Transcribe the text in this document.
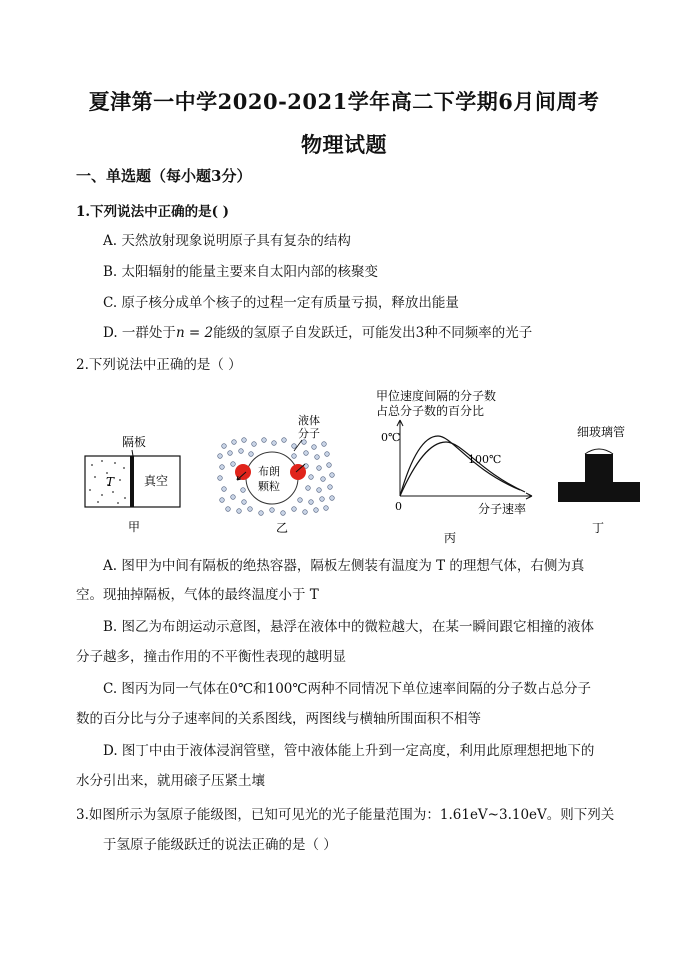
夏津第一中学2020-2021学年高二下学期6月间周考
物理试题
一、单选题（每小题3分）
1.下列说法中正确的是( )
A. 天然放射现象说明原子具有复杂的结构
B. 太阳辐射的能量主要来自太阳内部的核聚变
C. 原子核分成单个核子的过程一定有质量亏损，释放出能量
D. 一群处于n = 2能级的氢原子自发跃迁，可能发出3种不同频率的光子
2.下列说法中正确的是（ ）
隔板
T 真空
甲
液体
分子
布朗
颗粒
乙
甲位速度间隔的分子数
占总分子数的百分比
0℃
100℃
0	分子速率
丙
细玻璃管
丁
A. 图甲为中间有隔板的绝热容器，隔板左侧装有温度为 T 的理想气体，右侧为真
空。现抽掉隔板，气体的最终温度小于 T
B. 图乙为布朗运动示意图，悬浮在液体中的微粒越大，在某一瞬间跟它相撞的液体
分子越多，撞击作用的不平衡性表现的越明显
C. 图丙为同一气体在0℃和100℃两种不同情况下单位速率间隔的分子数占总分子
数的百分比与分子速率间的关系图线，两图线与横轴所围面积不相等
D. 图丁中由于液体浸润管壁，管中液体能上升到一定高度，利用此原理想把地下的
水分引出来，就用磙子压紧土壤
3.如图所示为氢原子能级图，已知可见光的光子能量范围为：1.61eV~3.10eV。则下列关
于氢原子能级跃迁的说法正确的是（ ）
